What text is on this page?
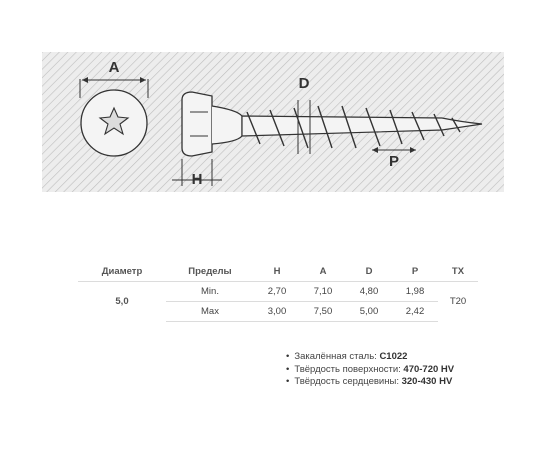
A
H
D
P
Диаметр	Пределы	H	A	D	P	TX
5,0	Min.	2,70	7,10	4,80	1,98	T20
	Max	3,00	7,50	5,00	2,42	
• Закалённая сталь: C1022
• Твёрдость поверхности: 470-720 HV
• Твёрдость сердцевины: 320-430 HV
